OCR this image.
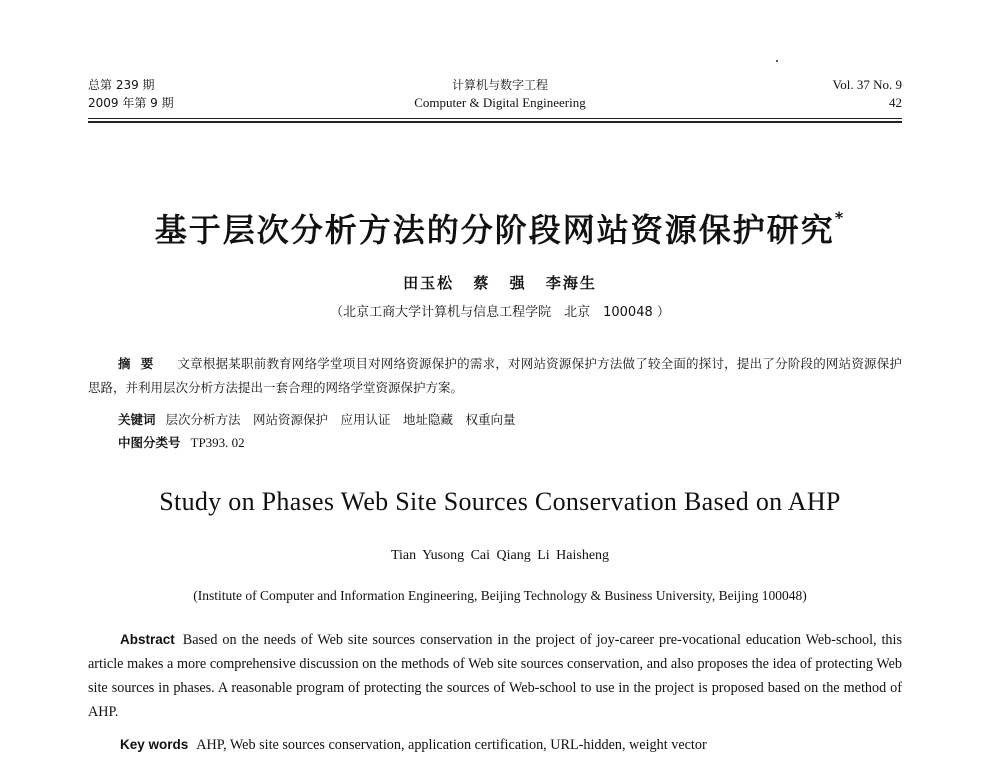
总第 239 期
2009 年第 9 期
计算机与数字工程
Computer & Digital Engineering
Vol. 37 No. 9
42
基于层次分析方法的分阶段网站资源保护研究*
田玉松 蔡 强 李海生
（北京工商大学计算机与信息工程学院　北京　100048 ）
摘要 文章根据某职前教育网络学堂项目对网络资源保护的需求，对网站资源保护方法做了较全面的探讨，提出了分阶段的网站资源保护思路，并利用层次分析方法提出一套合理的网络学堂资源保护方案。
关键词 层次分析方法　网站资源保护　应用认证　地址隐藏　权重向量
中图分类号 TP393. 02
Study on Phases Web Site Sources Conservation Based on AHP
Tian Yusong Cai Qiang Li Haisheng
(Institute of Computer and Information Engineering, Beijing Technology & Business University, Beijing 100048)
Abstract Based on the needs of Web site sources conservation in the project of joy-career pre-vocational education Web-school, this article makes a more comprehensive discussion on the methods of Web site sources conservation, and also proposes the idea of protecting Web site sources in phases. A reasonable program of protecting the sources of Web-school to use in the project is proposed based on the method of AHP.
Key words AHP, Web site sources conservation, application certification, URL-hidden, weight vector
